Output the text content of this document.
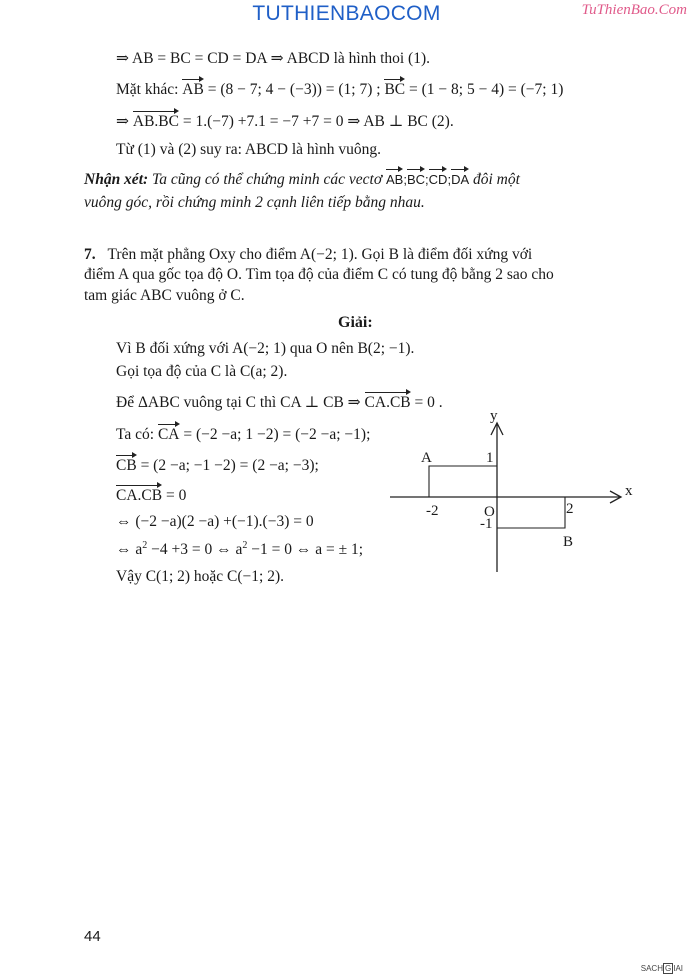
TUTHIENBAOCOM	TuThienBao.Com
⇒ AB = BC = CD = DA ⇒ ABCD là hình thoi (1).
Mặt khác: AB = (8 − 7; 4 − (−3)) = (1; 7) ; BC = (1 − 8; 5 − 4) = (−7; 1)
⇒ AB.BC = 1.(−7) +7.1 = −7 +7 = 0 ⇒ AB ⊥ BC (2).
Từ (1) và (2) suy ra: ABCD là hình vuông.
Nhận xét: Ta cũng có thể chứng minh các vectơ AB;BC;CD;DA đôi một
vuông góc, rồi chứng minh 2 cạnh liên tiếp bằng nhau.
7. Trên mặt phẳng Oxy cho điểm A(−2; 1). Gọi B là điểm đối xứng với
điểm A qua gốc tọa độ O. Tìm tọa độ của điểm C có tung độ bằng 2 sao cho
tam giác ABC vuông ở C.
Giải:
Vì B đối xứng với A(−2; 1) qua O nên B(2; −1).
Gọi tọa độ của C là C(a; 2).
Để ΔABC vuông tại C thì CA ⊥ CB ⇒ CA.CB = 0 .
Ta có: CA = (−2 −a; 1 −2) = (−2 −a; −1);
CB = (2 −a; −1 −2) = (2 −a; −3);
CA.CB = 0
⇔ (−2 −a)(2 −a) +(−1).(−3) = 0
⇔ $a^2 -4 +3 = 0$ ⇔ $a^2 -1 = 0$ ⇔ a = ± 1;
Vậy C(1; 2) hoặc C(−1; 2).
x
y
A	1
-2	O
-1
2
B
44
SACH G IAI
